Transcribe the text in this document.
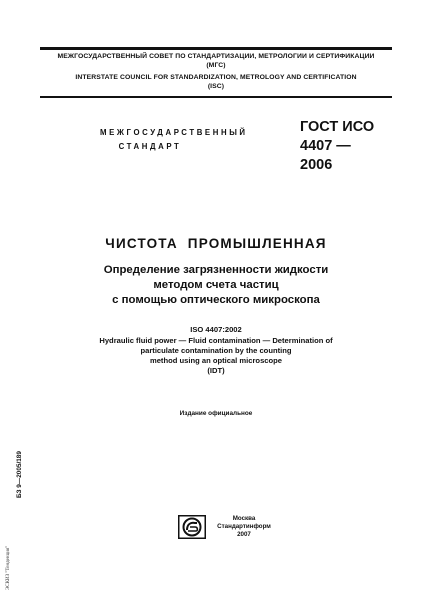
МЕЖГОСУДАРСТВЕННЫЙ СОВЕТ ПО СТАНДАРТИЗАЦИИ, МЕТРОЛОГИИ И СЕРТИФИКАЦИИ
(МГС)
INTERSTATE COUNCIL FOR STANDARDIZATION, METROLOGY AND CERTIFICATION
(ISC)
МЕЖГОСУДАРСТВЕННЫЙ
СТАНДАРТ
ГОСТ ИСО
4407 —
2006
ЧИСТОТА ПРОМЫШЛЕННАЯ
Определение загрязненности жидкости
методом счета частиц
с помощью оптического микроскопа
ISO 4407:2002
Hydraulic fluid power — Fluid contamination — Determination of
particulate contamination by the counting
method using an optical microscope
(IDT)
Издание официальное
БЗ 9—2005/189
ЭСКИЗ "Тенденция"
Москва
Стандартинформ
2007
